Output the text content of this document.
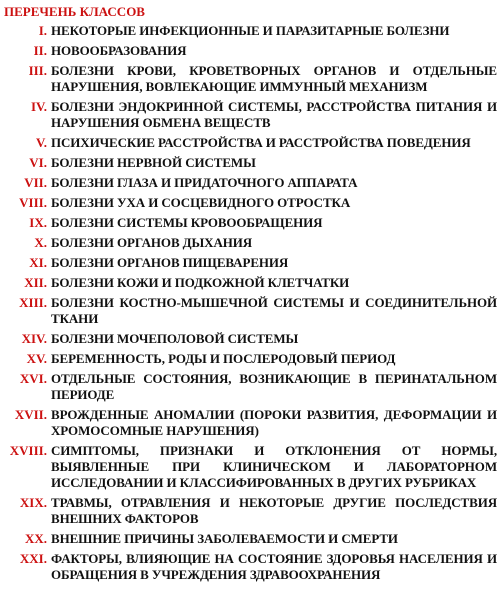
ПЕРЕЧЕНЬ КЛАССОВ
I. НЕКОТОРЫЕ ИНФЕКЦИОННЫЕ И ПАРАЗИТАРНЫЕ БОЛЕЗНИ
II. НОВООБРАЗОВАНИЯ
III. БОЛЕЗНИ КРОВИ, КРОВЕТВОРНЫХ ОРГАНОВ И ОТДЕЛЬНЫЕ НАРУШЕНИЯ, ВОВЛЕКАЮЩИЕ ИММУННЫЙ МЕХАНИЗМ
IV. БОЛЕЗНИ ЭНДОКРИННОЙ СИСТЕМЫ, РАССТРОЙСТВА ПИТАНИЯ И НАРУШЕНИЯ ОБМЕНА ВЕЩЕСТВ
V. ПСИХИЧЕСКИЕ РАССТРОЙСТВА И РАССТРОЙСТВА ПОВЕДЕНИЯ
VI. БОЛЕЗНИ НЕРВНОЙ СИСТЕМЫ
VII. БОЛЕЗНИ ГЛАЗА И ПРИДАТОЧНОГО АППАРАТА
VIII. БОЛЕЗНИ УХА И СОСЦЕВИДНОГО ОТРОСТКА
IX. БОЛЕЗНИ СИСТЕМЫ КРОВООБРАЩЕНИЯ
X. БОЛЕЗНИ ОРГАНОВ ДЫХАНИЯ
XI. БОЛЕЗНИ ОРГАНОВ ПИЩЕВАРЕНИЯ
XII. БОЛЕЗНИ КОЖИ И ПОДКОЖНОЙ КЛЕТЧАТКИ
XIII. БОЛЕЗНИ КОСТНО-МЫШЕЧНОЙ СИСТЕМЫ И СОЕДИНИТЕЛЬНОЙ ТКАНИ
XIV. БОЛЕЗНИ МОЧЕПОЛОВОЙ СИСТЕМЫ
XV. БЕРЕМЕННОСТЬ, РОДЫ И ПОСЛЕРОДОВЫЙ ПЕРИОД
XVI. ОТДЕЛЬНЫЕ СОСТОЯНИЯ, ВОЗНИКАЮЩИЕ В ПЕРИНАТАЛЬНОМ ПЕРИОДЕ
XVII. ВРОЖДЕННЫЕ АНОМАЛИИ (ПОРОКИ РАЗВИТИЯ, ДЕФОРМАЦИИ И ХРОМОСОМНЫЕ НАРУШЕНИЯ)
XVIII. СИМПТОМЫ, ПРИЗНАКИ И ОТКЛОНЕНИЯ ОТ НОРМЫ, ВЫЯВЛЕННЫЕ ПРИ КЛИНИЧЕСКОМ И ЛАБОРАТОРНОМ ИССЛЕДОВАНИИ И КЛАССИФИРОВАННЫХ В ДРУГИХ РУБРИКАХ
XIX. ТРАВМЫ, ОТРАВЛЕНИЯ И НЕКОТОРЫЕ ДРУГИЕ ПОСЛЕДСТВИЯ ВНЕШНИХ ФАКТОРОВ
XX. ВНЕШНИЕ ПРИЧИНЫ ЗАБОЛЕВАЕМОСТИ И СМЕРТИ
XXI. ФАКТОРЫ, ВЛИЯЮЩИЕ НА СОСТОЯНИЕ ЗДОРОВЬЯ НАСЕЛЕНИЯ И ОБРАЩЕНИЯ В УЧРЕЖДЕНИЯ ЗДРАВООХРАНЕНИЯ
